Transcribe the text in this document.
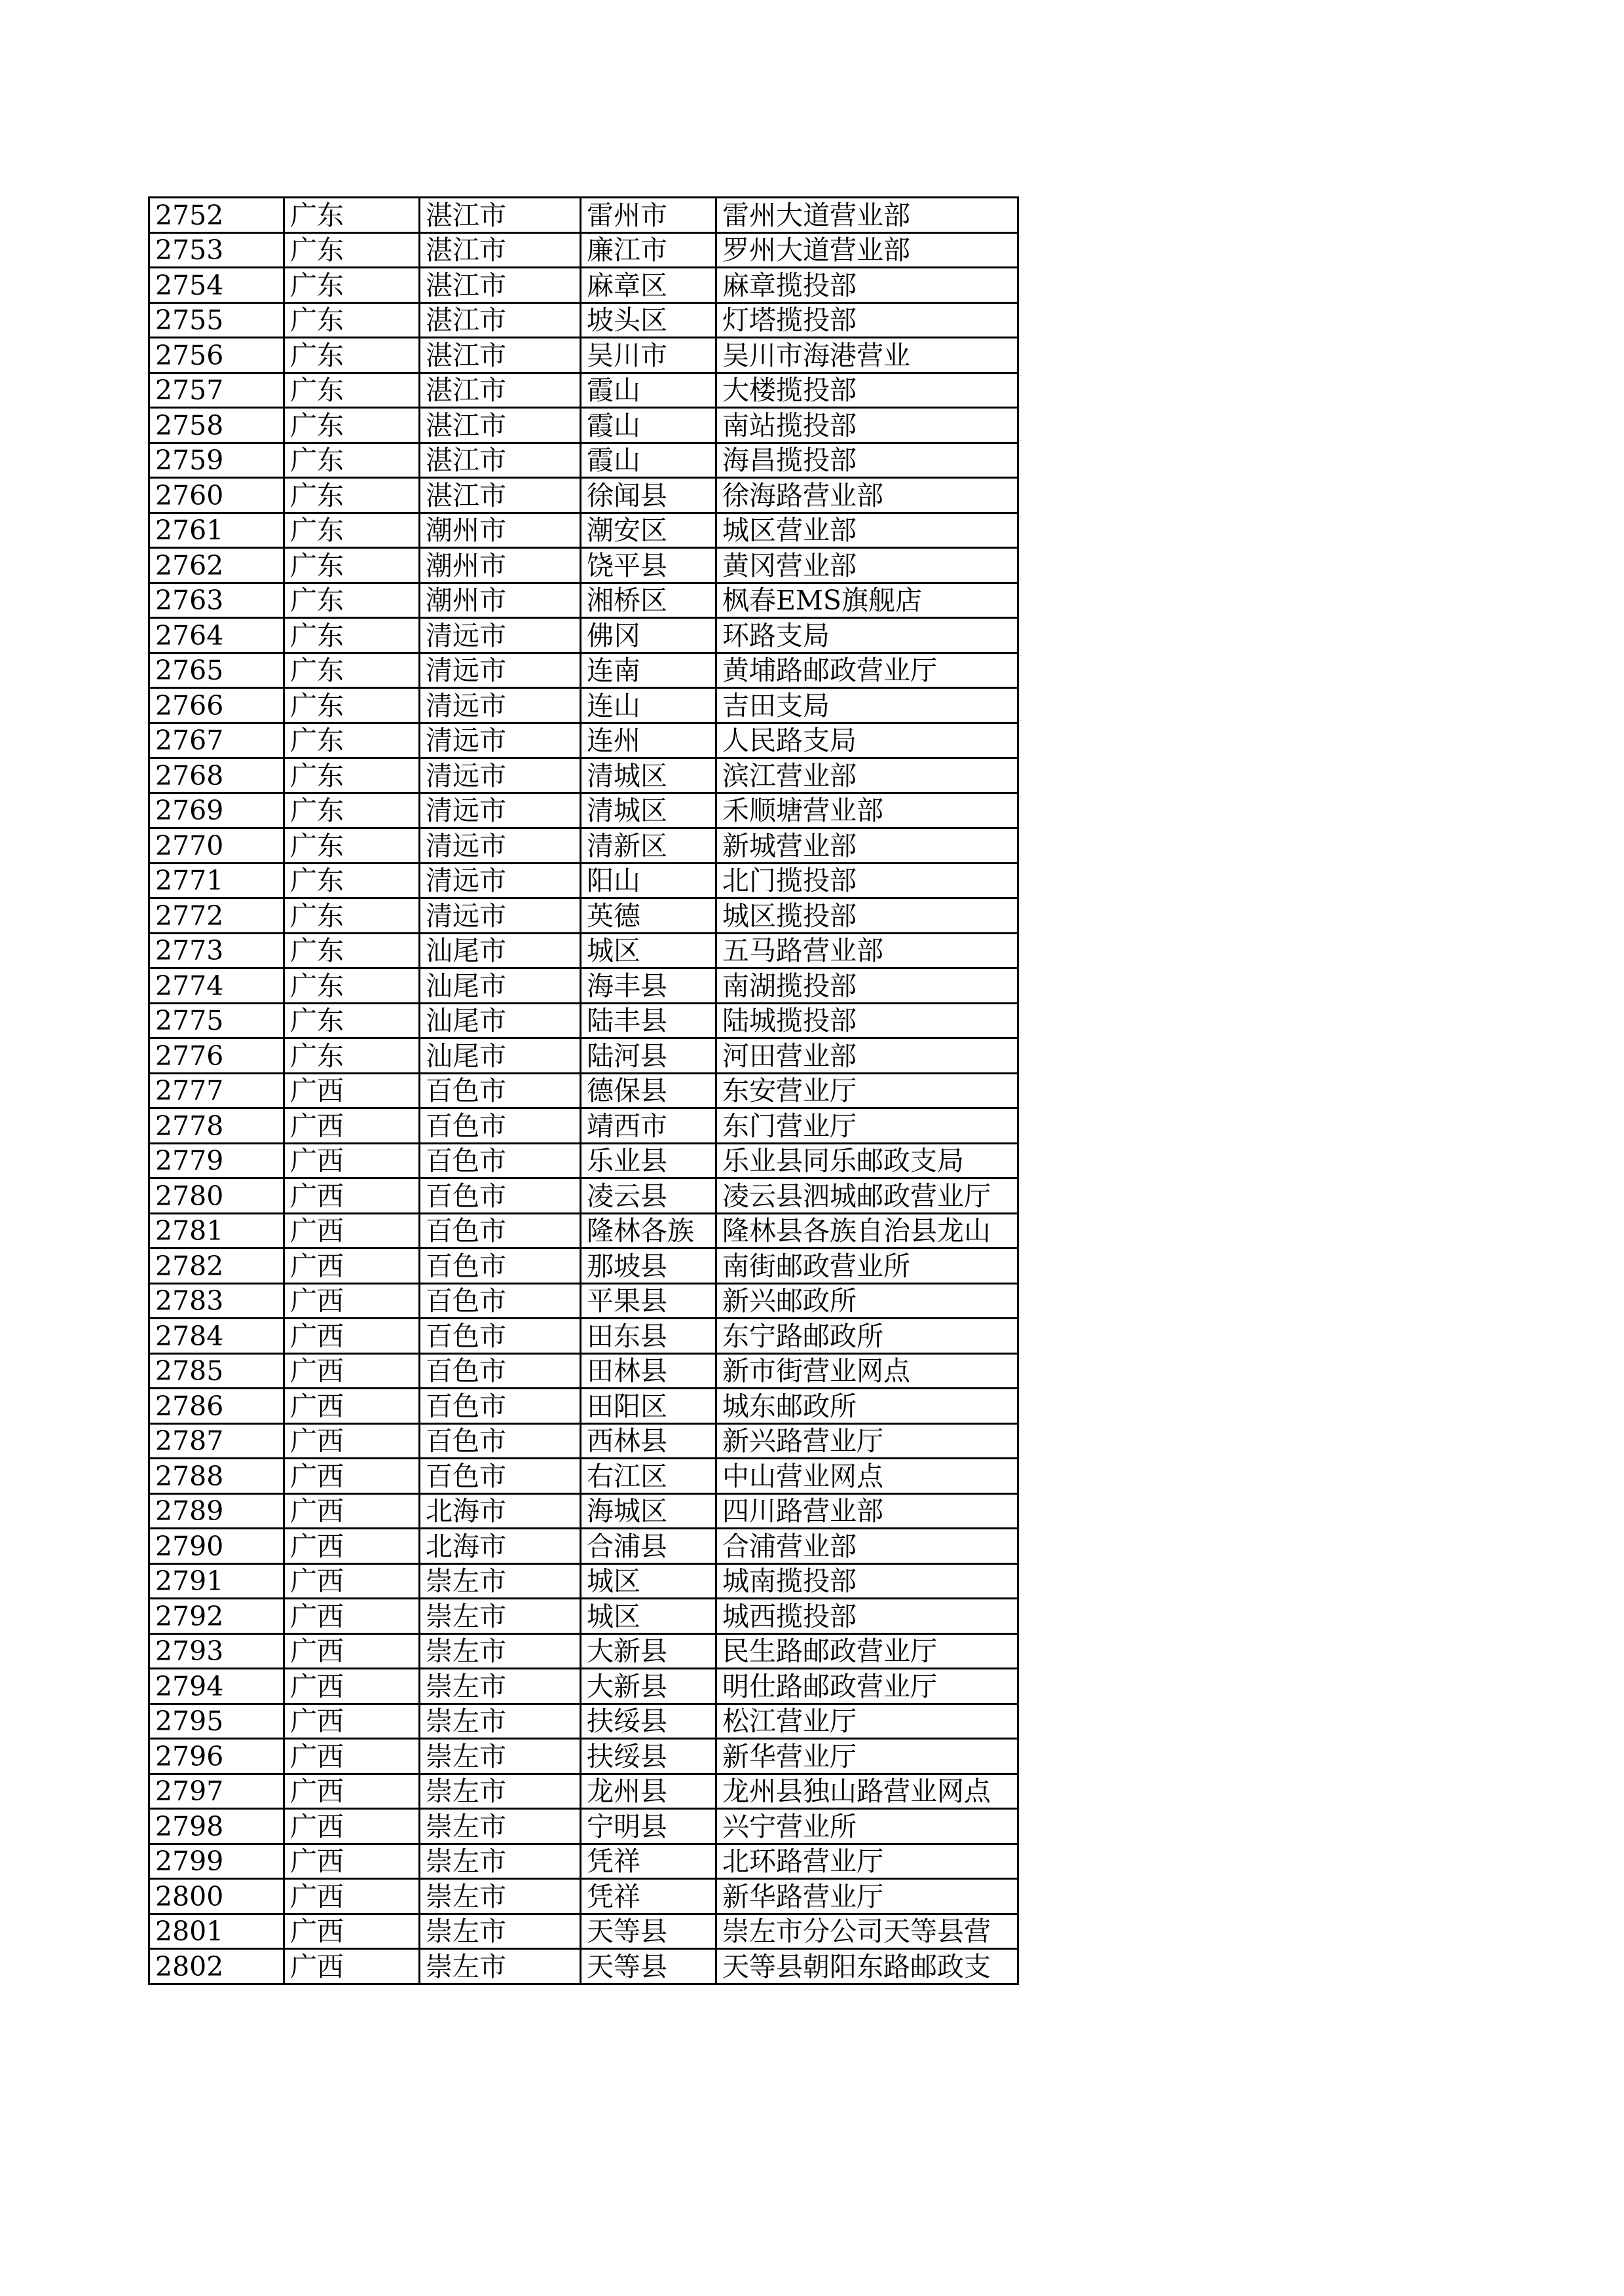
2752	广东	湛江市	雷州市	雷州大道营业部
2753	广东	湛江市	廉江市	罗州大道营业部
2754	广东	湛江市	麻章区	麻章揽投部
2755	广东	湛江市	坡头区	灯塔揽投部
2756	广东	湛江市	吴川市	吴川市海港营业
2757	广东	湛江市	霞山	大楼揽投部
2758	广东	湛江市	霞山	南站揽投部
2759	广东	湛江市	霞山	海昌揽投部
2760	广东	湛江市	徐闻县	徐海路营业部
2761	广东	潮州市	潮安区	城区营业部
2762	广东	潮州市	饶平县	黄冈营业部
2763	广东	潮州市	湘桥区	枫春EMS旗舰店
2764	广东	清远市	佛冈	环路支局
2765	广东	清远市	连南	黄埔路邮政营业厅
2766	广东	清远市	连山	吉田支局
2767	广东	清远市	连州	人民路支局
2768	广东	清远市	清城区	滨江营业部
2769	广东	清远市	清城区	禾顺塘营业部
2770	广东	清远市	清新区	新城营业部
2771	广东	清远市	阳山	北门揽投部
2772	广东	清远市	英德	城区揽投部
2773	广东	汕尾市	城区	五马路营业部
2774	广东	汕尾市	海丰县	南湖揽投部
2775	广东	汕尾市	陆丰县	陆城揽投部
2776	广东	汕尾市	陆河县	河田营业部
2777	广西	百色市	德保县	东安营业厅
2778	广西	百色市	靖西市	东门营业厅
2779	广西	百色市	乐业县	乐业县同乐邮政支局
2780	广西	百色市	凌云县	凌云县泗城邮政营业厅
2781	广西	百色市	隆林各族	隆林县各族自治县龙山
2782	广西	百色市	那坡县	南街邮政营业所
2783	广西	百色市	平果县	新兴邮政所
2784	广西	百色市	田东县	东宁路邮政所
2785	广西	百色市	田林县	新市街营业网点
2786	广西	百色市	田阳区	城东邮政所
2787	广西	百色市	西林县	新兴路营业厅
2788	广西	百色市	右江区	中山营业网点
2789	广西	北海市	海城区	四川路营业部
2790	广西	北海市	合浦县	合浦营业部
2791	广西	崇左市	城区	城南揽投部
2792	广西	崇左市	城区	城西揽投部
2793	广西	崇左市	大新县	民生路邮政营业厅
2794	广西	崇左市	大新县	明仕路邮政营业厅
2795	广西	崇左市	扶绥县	松江营业厅
2796	广西	崇左市	扶绥县	新华营业厅
2797	广西	崇左市	龙州县	龙州县独山路营业网点
2798	广西	崇左市	宁明县	兴宁营业所
2799	广西	崇左市	凭祥	北环路营业厅
2800	广西	崇左市	凭祥	新华路营业厅
2801	广西	崇左市	天等县	崇左市分公司天等县营
2802	广西	崇左市	天等县	天等县朝阳东路邮政支
